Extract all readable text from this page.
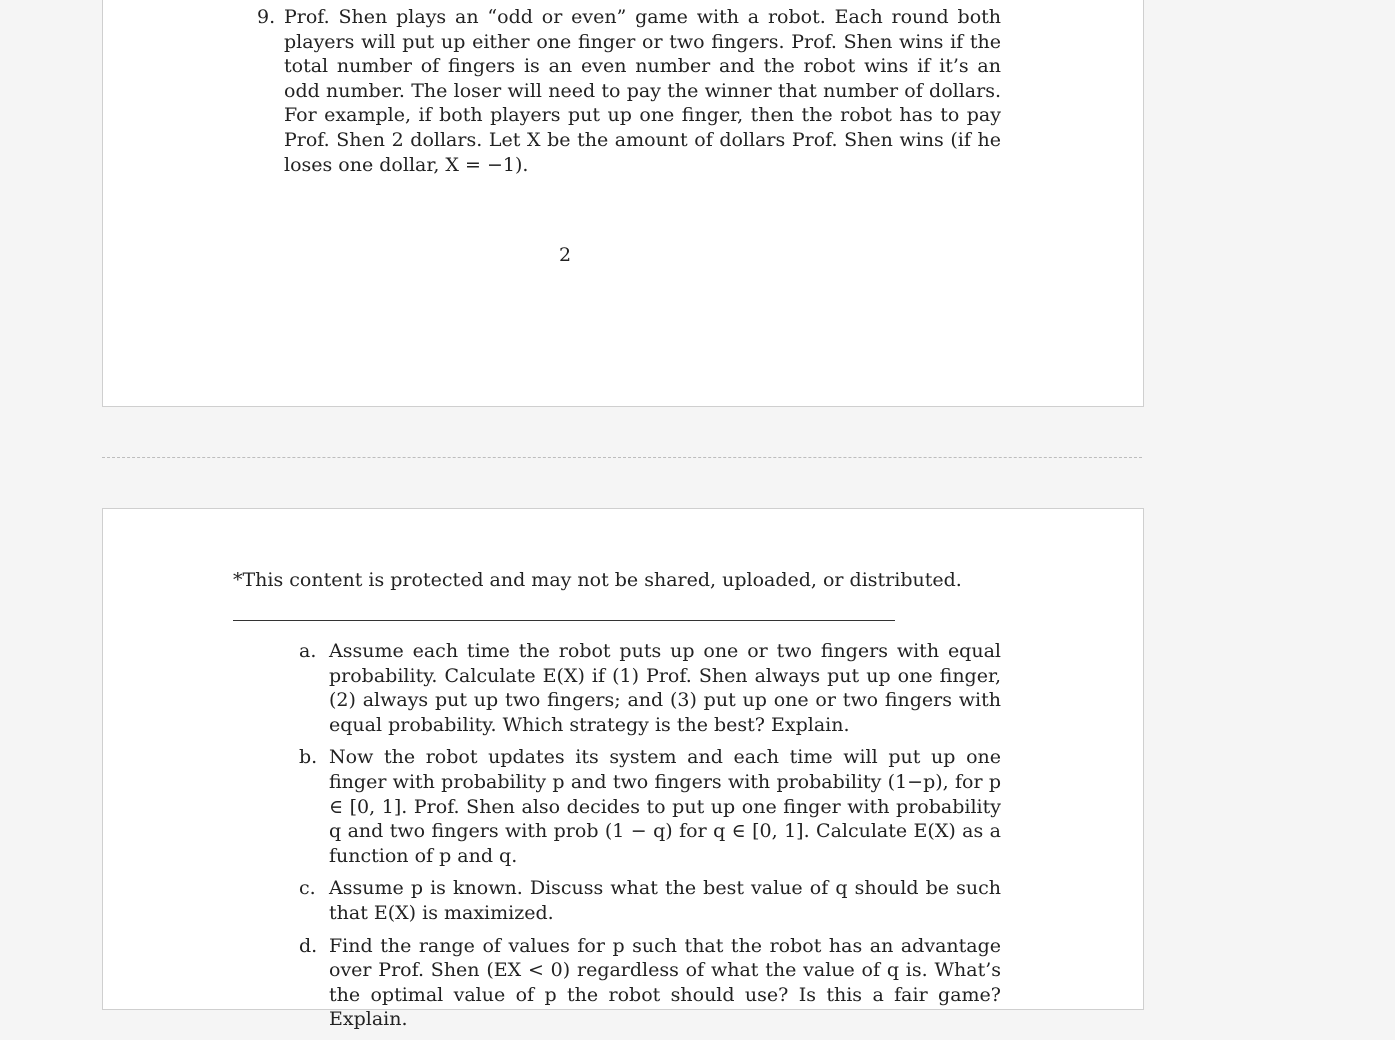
9. Prof. Shen plays an “odd or even” game with a robot. Each round both players will put up either one finger or two fingers. Prof. Shen wins if the total number of fingers is an even number and the robot wins if it’s an odd number. The loser will need to pay the winner that number of dollars. For example, if both players put up one finger, then the robot has to pay Prof. Shen 2 dollars. Let X be the amount of dollars Prof. Shen wins (if he loses one dollar, X = −1).
2
*This content is protected and may not be shared, uploaded, or distributed.
a. Assume each time the robot puts up one or two fingers with equal probability. Calculate E(X) if (1) Prof. Shen always put up one finger, (2) always put up two fingers; and (3) put up one or two fingers with equal probability. Which strategy is the best? Explain.
b. Now the robot updates its system and each time will put up one finger with probability p and two fingers with probability (1−p), for p ∈ [0, 1]. Prof. Shen also decides to put up one finger with probability q and two fingers with prob (1 − q) for q ∈ [0, 1]. Calculate E(X) as a function of p and q.
c. Assume p is known. Discuss what the best value of q should be such that E(X) is maximized.
d. Find the range of values for p such that the robot has an advantage over Prof. Shen (EX < 0) regardless of what the value of q is. What’s the optimal value of p the robot should use? Is this a fair game? Explain.
